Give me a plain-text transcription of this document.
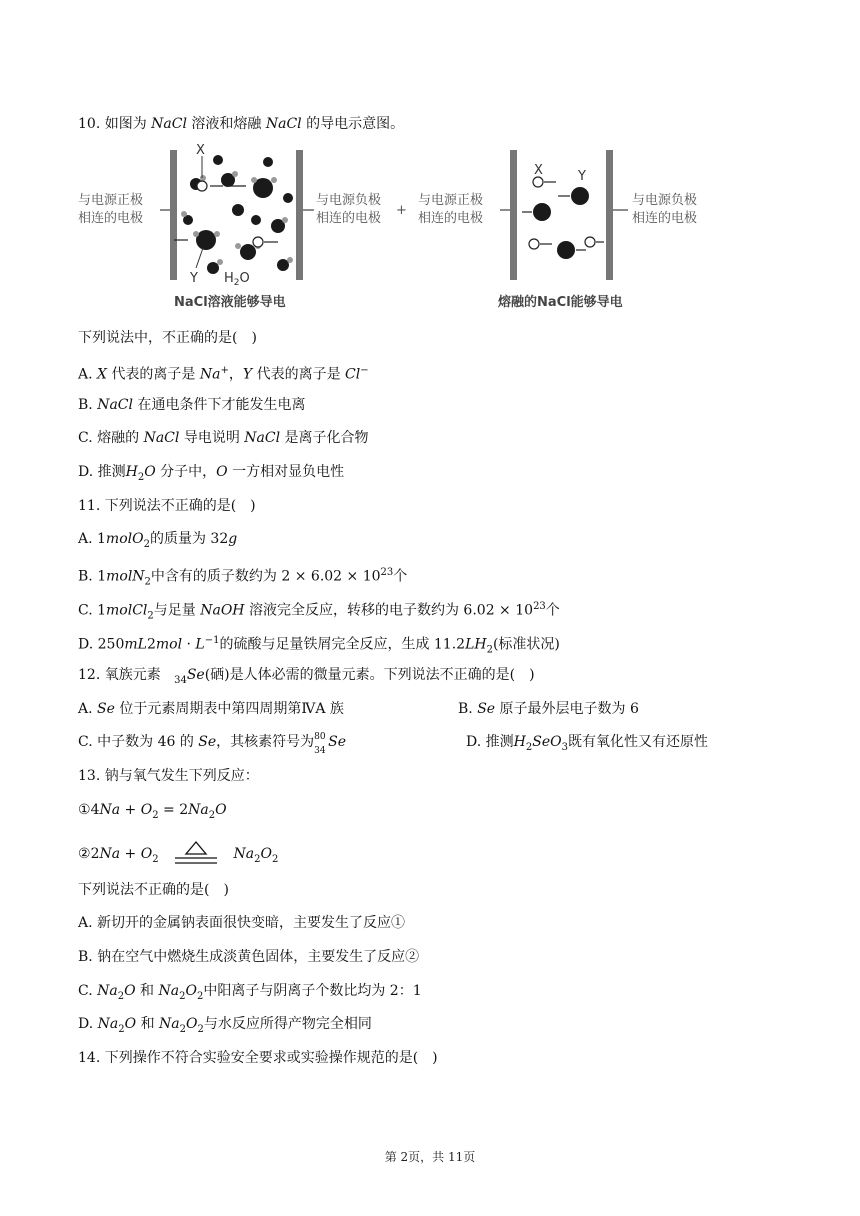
10. 如图为 NaCl 溶液和熔融 NaCl 的导电示意图。
与电源正极
相连的电极
与电源负极
相连的电极
+
与电源正极
相连的电极
与电源负极
相连的电极
X
Y $H_2O$
NaCl溶液能够导电
X	Y
熔融的NaCl能够导电
下列说法中，不正确的是(　)
A. X 代表的离子是 Na+，Y 代表的离子是 Cl−
B. NaCl 在通电条件下才能发生电离
C. 熔融的 NaCl 导电说明 NaCl 是离子化合物
D. 推测$H_2O$ 分子中，O 一方相对显负电性
11. 下列说法不正确的是(　)
A. 1molO$_2$的质量为 32g
B. 1molN$_2$中含有的质子数约为 $2 \times 6.02 \times 10^{23}$个
C. 1molCl$_2$与足量 NaOH 溶液完全反应，转移的电子数约为 $6.02 \times 10^{23}$个
D. $250mL2mol \cdot L^{-1}$的硫酸与足量铁屑完全反应，生成 $11.2LH_2$(标准状况)
12. 氧族元素 $_{34}$Se(硒)是人体必需的微量元素。下列说法不正确的是(　)
A. Se 位于元素周期表中第四周期第ⅣA 族	B. Se 原子最外层电子数为 6
C. 中子数为 46 的 Se，其核素符号为 80
34
Se	D. 推测$H_2SeO_3$既有氧化性又有还原性
13. 钠与氧气发生下列反应：
①4Na + $O_2 = 2Na_2O$
②2Na + $O_2$	$Na_2O_2$
下列说法不正确的是(　)
A. 新切开的金属钠表面很快变暗，主要发生了反应①
B. 钠在空气中燃烧生成淡黄色固体，主要发生了反应②
C. $Na_2O$ 和 $Na_2O_2$中阳离子与阴离子个数比均为 2：1
D. $Na_2O$ 和 $Na_2O_2$与水反应所得产物完全相同
14. 下列操作不符合实验安全要求或实验操作规范的是(　)
第 2页，共 11页
